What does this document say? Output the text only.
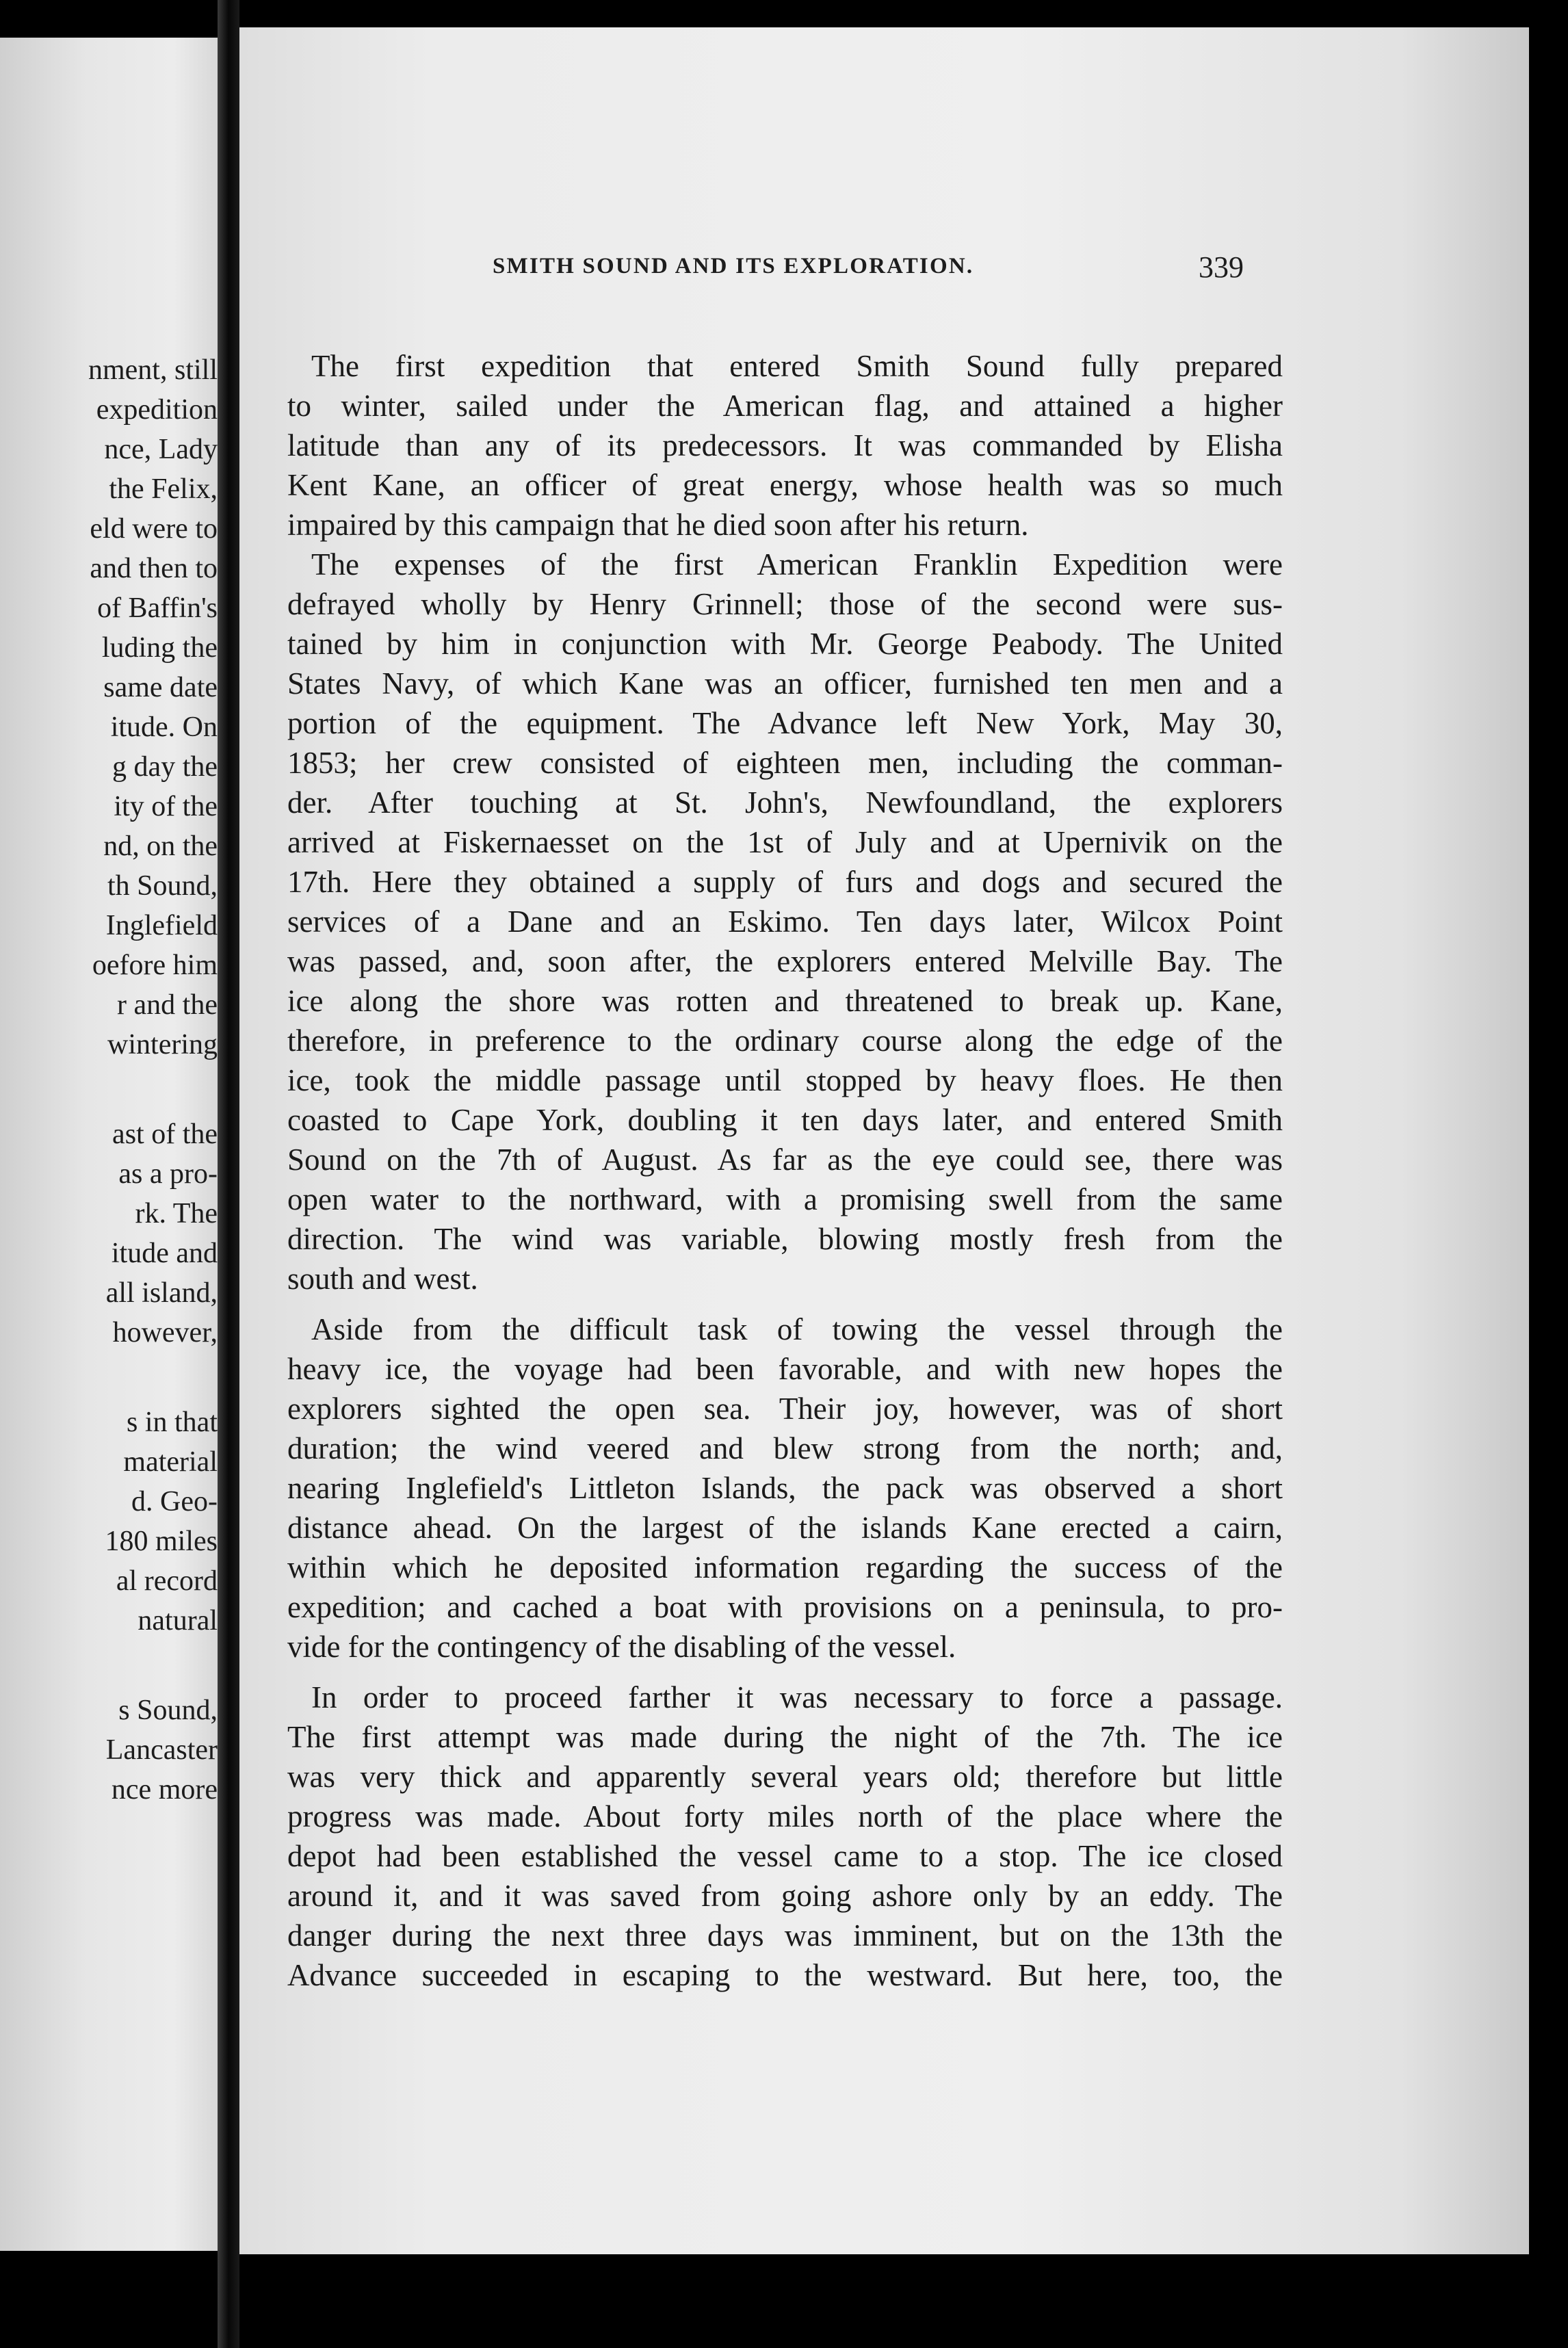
nment, still
expedition
nce, Lady
the Felix,
eld were to
and then to
of Baffin's
luding the
same date
itude. On
g day the
ity of the
nd, on the
th Sound,
Inglefield
oefore him
r and the
wintering
ast of the
as a pro-
rk. The
itude and
all island,
however,
s in that
material
d. Geo-
180 miles
al record
natural
s Sound,
Lancaster
nce more
SMITH SOUND AND ITS EXPLORATION.	339
The first expedition that entered Smith Sound fully prepared
to winter, sailed under the American flag, and attained a higher
latitude than any of its predecessors. It was commanded by Elisha
Kent Kane, an officer of great energy, whose health was so much
impaired by this campaign that he died soon after his return.
The expenses of the first American Franklin Expedition were
defrayed wholly by Henry Grinnell; those of the second were sus-
tained by him in conjunction with Mr. George Peabody. The United
States Navy, of which Kane was an officer, furnished ten men and a
portion of the equipment. The Advance left New York, May 30,
1853; her crew consisted of eighteen men, including the comman-
der. After touching at St. John's, Newfoundland, the explorers
arrived at Fiskernaesset on the 1st of July and at Upernivik on the
17th. Here they obtained a supply of furs and dogs and secured the
services of a Dane and an Eskimo. Ten days later, Wilcox Point
was passed, and, soon after, the explorers entered Melville Bay. The
ice along the shore was rotten and threatened to break up. Kane,
therefore, in preference to the ordinary course along the edge of the
ice, took the middle passage until stopped by heavy floes. He then
coasted to Cape York, doubling it ten days later, and entered Smith
Sound on the 7th of August. As far as the eye could see, there was
open water to the northward, with a promising swell from the same
direction. The wind was variable, blowing mostly fresh from the
south and west.
Aside from the difficult task of towing the vessel through the
heavy ice, the voyage had been favorable, and with new hopes the
explorers sighted the open sea. Their joy, however, was of short
duration; the wind veered and blew strong from the north; and,
nearing Inglefield's Littleton Islands, the pack was observed a short
distance ahead. On the largest of the islands Kane erected a cairn,
within which he deposited information regarding the success of the
expedition; and cached a boat with provisions on a peninsula, to pro-
vide for the contingency of the disabling of the vessel.
In order to proceed farther it was necessary to force a passage.
The first attempt was made during the night of the 7th. The ice
was very thick and apparently several years old; therefore but little
progress was made. About forty miles north of the place where the
depot had been established the vessel came to a stop. The ice closed
around it, and it was saved from going ashore only by an eddy. The
danger during the next three days was imminent, but on the 13th the
Advance succeeded in escaping to the westward. But here, too, the
